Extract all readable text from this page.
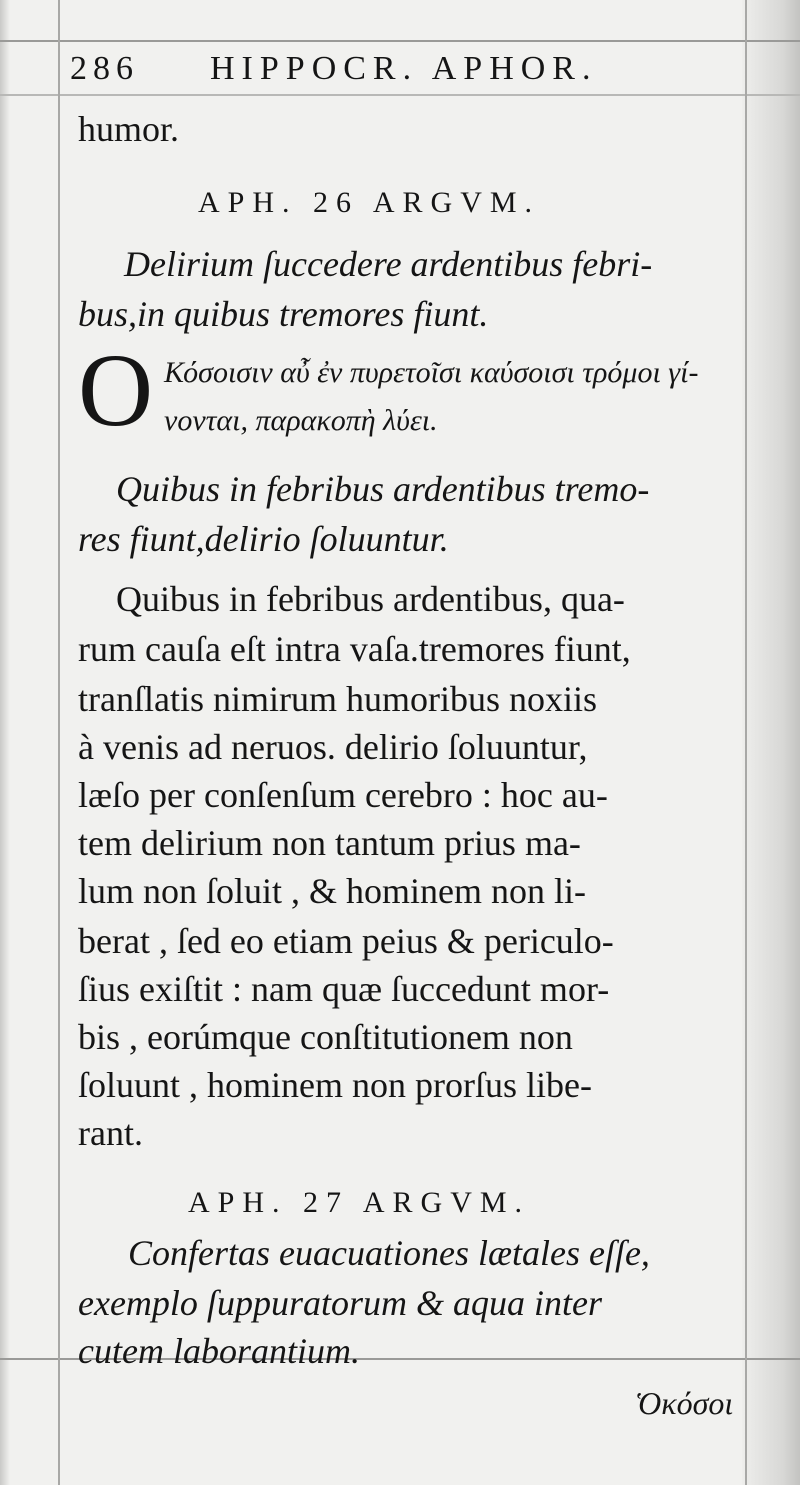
286 HIPPOCR. APHOR.
humor.
APH. 26 ARGVM.
Delirium ſuccedere ardentibus febri-
bus,in quibus tremores fiunt.
O Κόσοισιν αὖ ἐν πυρετοῖσι καύσοισι τρόμοι γί-
νονται, παρακοπὴ λύει.
Quibus in febribus ardentibus tremo-
res fiunt,delirio ſoluuntur.
Quibus in febribus ardentibus, qua-
rum cauſa eſt intra vaſa.tremores fiunt,
tranſlatis nimirum humoribus noxiis
à venis ad neruos. delirio ſoluuntur,
læſo per conſenſum cerebro : hoc au-
tem delirium non tantum prius ma-
lum non ſoluit , & hominem non li-
berat , ſed eo etiam peius & periculo-
ſius exiſtit : nam quæ ſuccedunt mor-
bis , eorúmque conſtitutionem non
ſoluunt , hominem non prorſus libe-
rant.
APH. 27 ARGVM.
Confertas euacuationes lætales eſſe,
exemplo ſuppuratorum & aqua inter
cutem laborantium.
Ὁκόσοι
